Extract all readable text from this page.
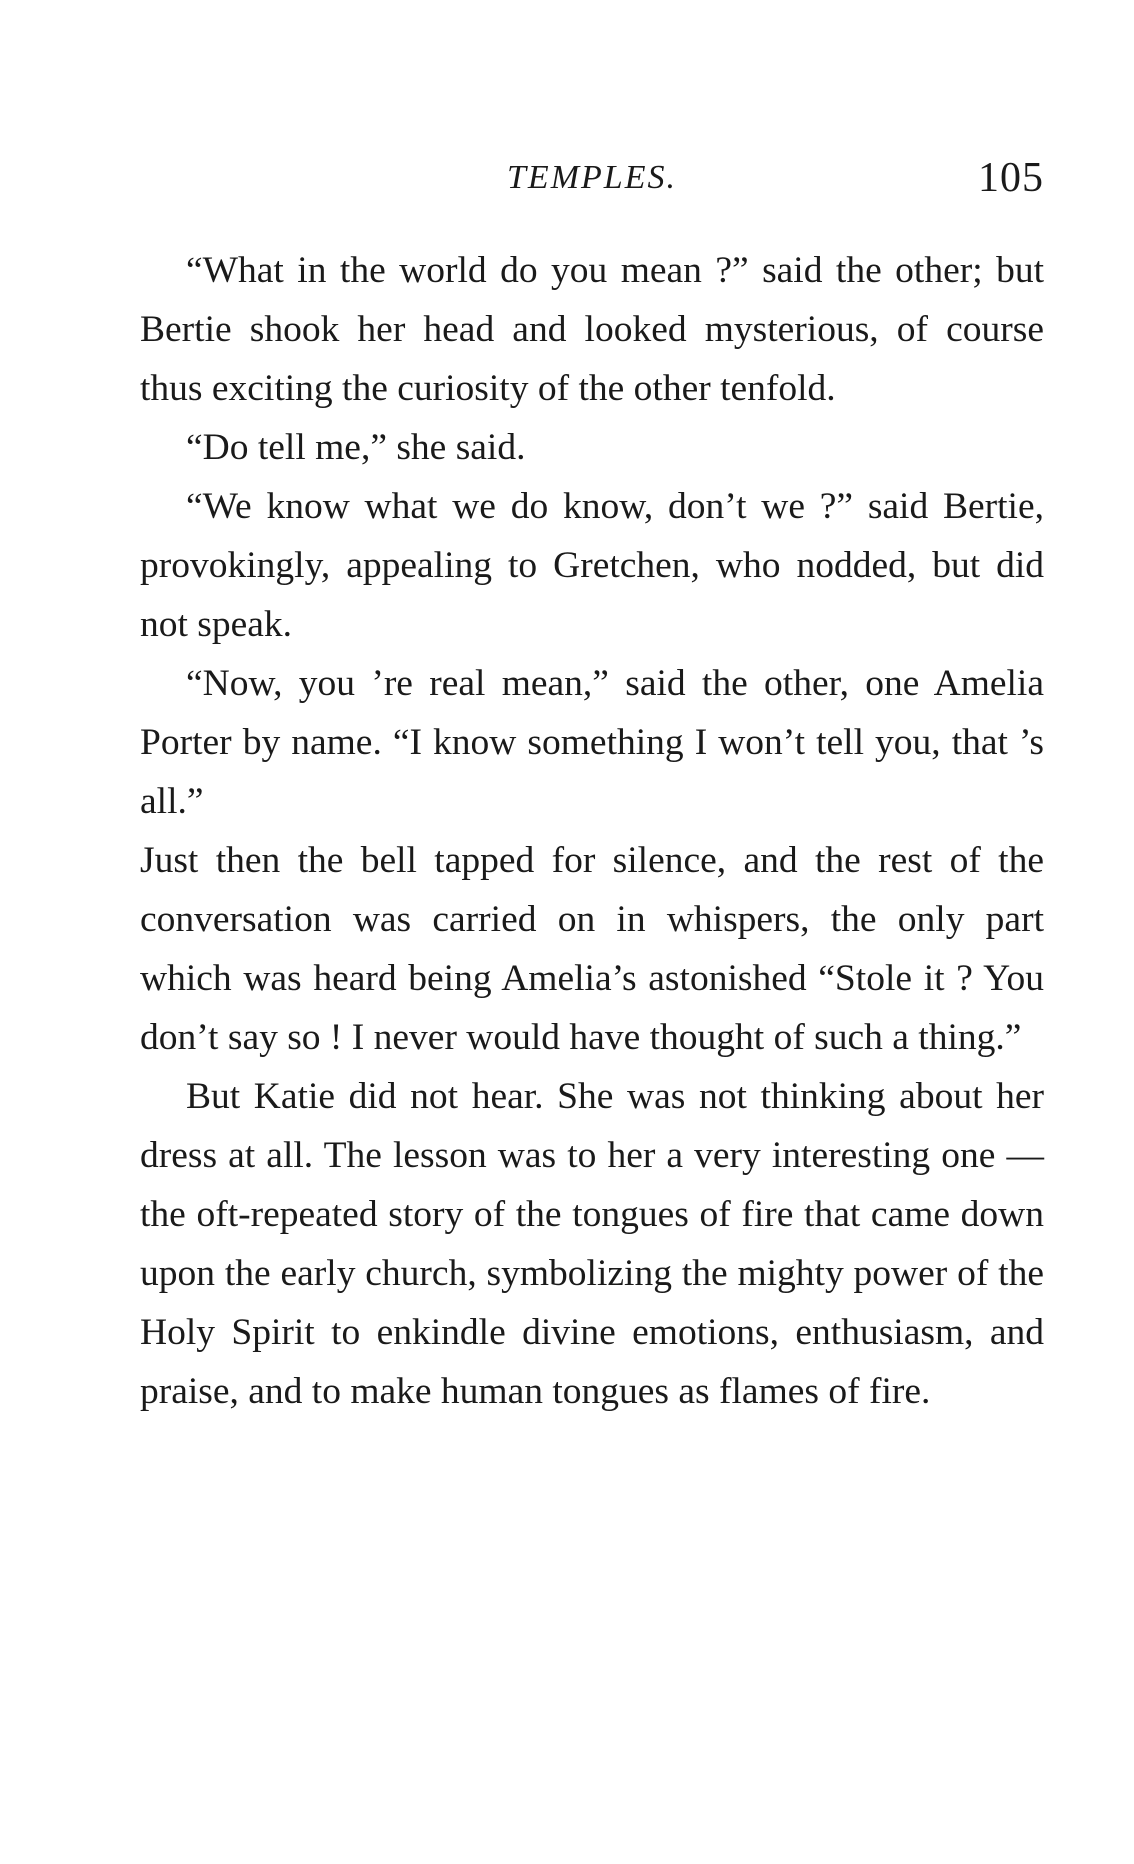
TEMPLES.	105

“What in the world do you mean ?” said the other; but Bertie shook her head and looked mysterious, of course thus exciting the curiosity of the other tenfold.

“Do tell me,” she said.

“We know what we do know, don’t we ?” said Bertie, provokingly, appealing to Gretchen, who nodded, but did not speak.

“Now, you ’re real mean,” said the other, one Amelia Porter by name. “I know something I won’t tell you, that ’s all.”

Just then the bell tapped for silence, and the rest of the conversation was carried on in whispers, the only part which was heard being Amelia’s astonished “Stole it ? You don’t say so ! I never would have thought of such a thing.”

But Katie did not hear. She was not thinking about her dress at all. The lesson was to her a very interesting one — the oft-repeated story of the tongues of fire that came down upon the early church, symbolizing the mighty power of the Holy Spirit to enkindle divine emotions, enthusiasm, and praise, and to make human tongues as flames of fire.
